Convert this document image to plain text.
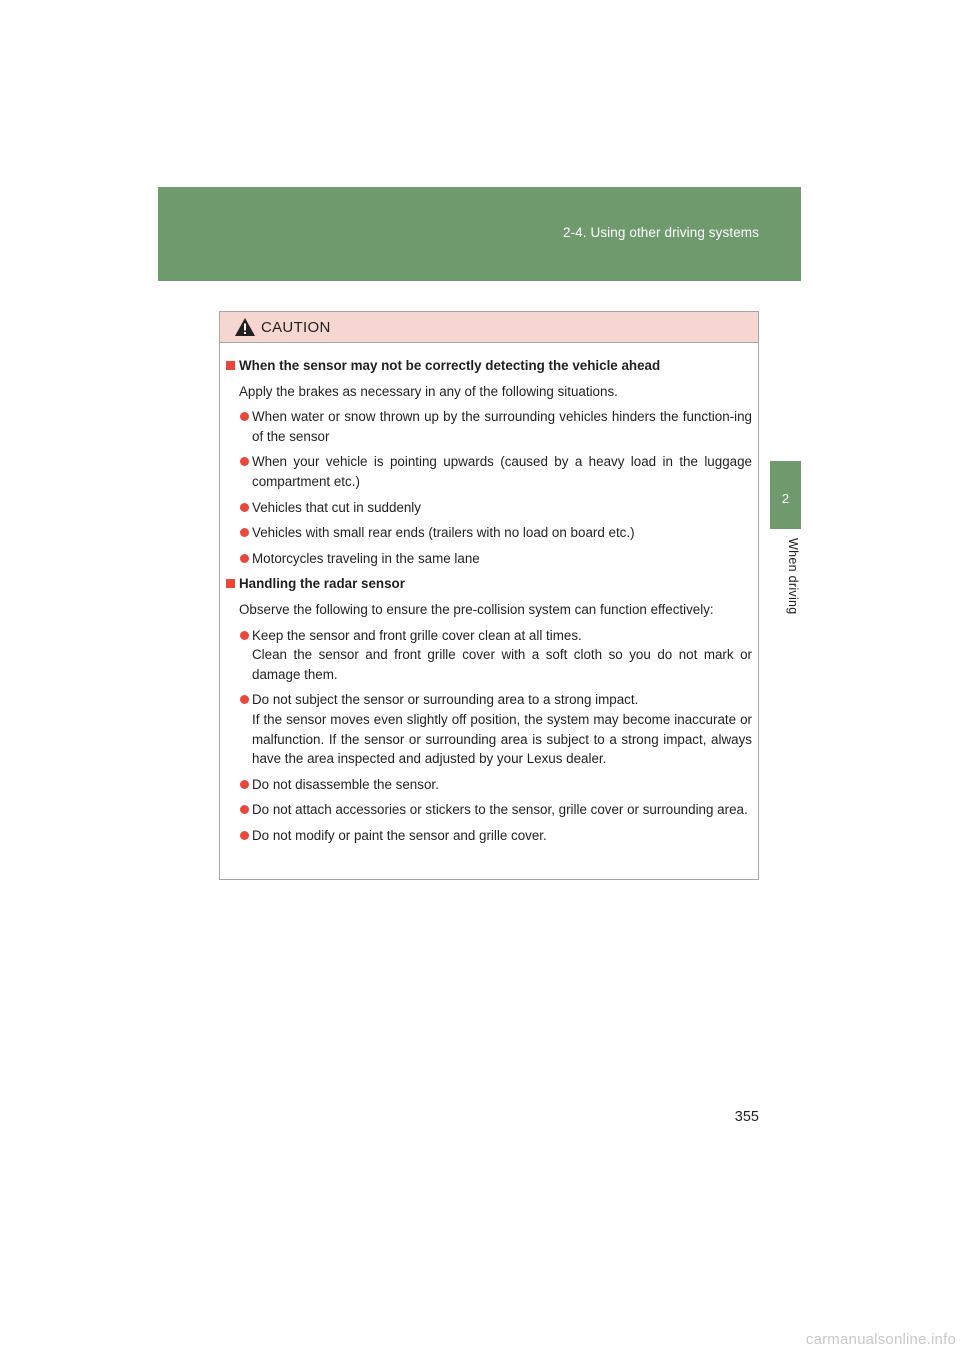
2-4. Using other driving systems
2
When driving
CAUTION
When the sensor may not be correctly detecting the vehicle ahead
Apply the brakes as necessary in any of the following situations.
When water or snow thrown up by the surrounding vehicles hinders the function-ing of the sensor
When your vehicle is pointing upwards (caused by a heavy load in the luggage compartment etc.)
Vehicles that cut in suddenly
Vehicles with small rear ends (trailers with no load on board etc.)
Motorcycles traveling in the same lane
Handling the radar sensor
Observe the following to ensure the pre-collision system can function effectively:
Keep the sensor and front grille cover clean at all times.
Clean the sensor and front grille cover with a soft cloth so you do not mark or damage them.
Do not subject the sensor or surrounding area to a strong impact.
If the sensor moves even slightly off position, the system may become inaccurate or malfunction. If the sensor or surrounding area is subject to a strong impact, always have the area inspected and adjusted by your Lexus dealer.
Do not disassemble the sensor.
Do not attach accessories or stickers to the sensor, grille cover or surrounding area.
Do not modify or paint the sensor and grille cover.
355
carmanualsonline.info
